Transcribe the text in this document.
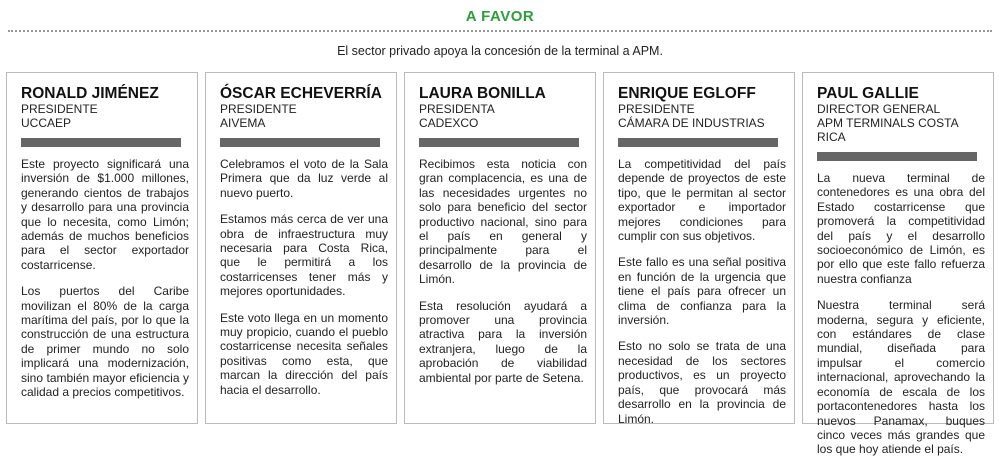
A FAVOR
El sector privado apoya la concesión de la terminal a APM.
RONALD JIMÉNEZ
PRESIDENTE
UCCAEP

Este proyecto significará una inversión de $1.000 millones, generando cientos de trabajos y desarrollo para una provincia que lo necesita, como Limón; además de muchos beneficios para el sector exportador costarricense.

Los puertos del Caribe movilizan el 80% de la carga marítima del país, por lo que la construcción de una estructura de primer mundo no solo implicará una modernización, sino también mayor eficiencia y calidad a precios competitivos.

ÓSCAR ECHEVERRÍA
PRESIDENTE
AIVEMA

Celebramos el voto de la Sala Primera que da luz verde al nuevo puerto.

Estamos más cerca de ver una obra de infraestructura muy necesaria para Costa Rica, que le permitirá a los costarricenses tener más y mejores oportunidades.

Este voto llega en un momento muy propicio, cuando el pueblo costarricense necesita señales positivas como esta, que marcan la dirección del país hacia el desarrollo.

LAURA BONILLA
PRESIDENTA
CADEXCO

Recibimos esta noticia con gran complacencia, es una de las necesidades urgentes no solo para beneficio del sector productivo nacional, sino para el país en general y principalmente para el desarrollo de la provincia de Limón.

Esta resolución ayudará a promover una provincia atractiva para la inversión extranjera, luego de la aprobación de viabilidad ambiental por parte de Setena.

ENRIQUE EGLOFF
PRESIDENTE
CÁMARA DE INDUSTRIAS

La competitividad del país depende de proyectos de este tipo, que le permitan al sector exportador e importador mejores condiciones para cumplir con sus objetivos.

Este fallo es una señal positiva en función de la urgencia que tiene el país para ofrecer un clima de confianza para la inversión.

Esto no solo se trata de una necesidad de los sectores productivos, es un proyecto país, que provocará más desarrollo en la provincia de Limón.

PAUL GALLIE
DIRECTOR GENERAL
APM TERMINALS COSTA RICA

La nueva terminal de contenedores es una obra del Estado costarricense que promoverá la competitividad del país y el desarrollo socioeconómico de Limón, es por ello que este fallo refuerza nuestra confianza

Nuestra terminal será moderna, segura y eficiente, con estándares de clase mundial, diseñada para impulsar el comercio internacional, aprovechando la economía de escala de los portacontenedores hasta los nuevos Panamax, buques cinco veces más grandes que los que hoy atiende el país.
